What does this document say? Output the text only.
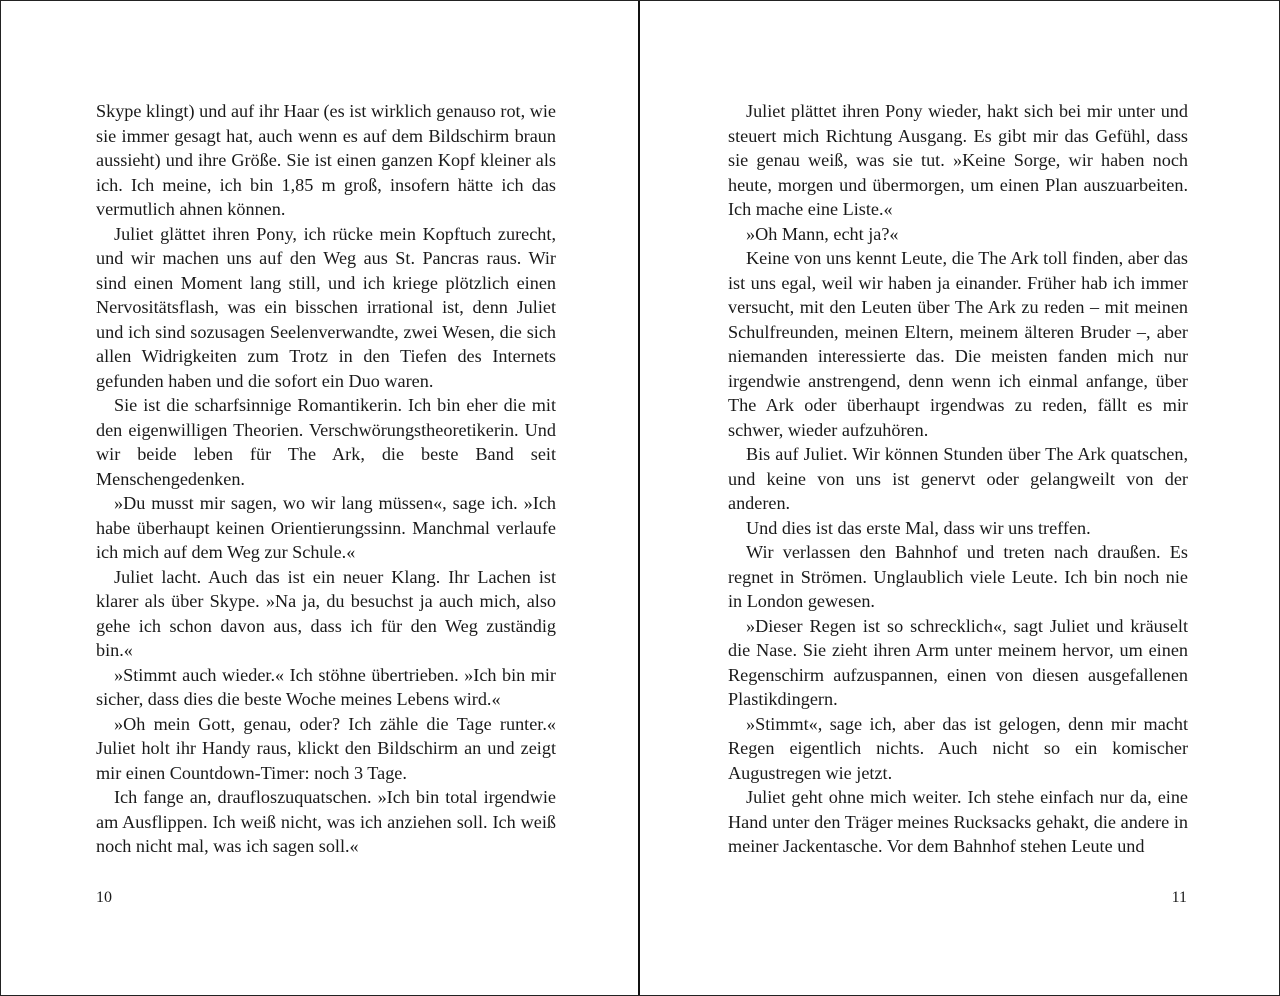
Skype klingt) und auf ihr Haar (es ist wirklich genauso rot, wie sie immer gesagt hat, auch wenn es auf dem Bildschirm braun aussieht) und ihre Größe. Sie ist einen ganzen Kopf kleiner als ich. Ich meine, ich bin 1,85 m groß, insofern hätte ich das vermutlich ahnen können.

Juliet glättet ihren Pony, ich rücke mein Kopftuch zurecht, und wir machen uns auf den Weg aus St. Pancras raus. Wir sind einen Moment lang still, und ich kriege plötzlich einen Nervositätsflash, was ein bisschen irrational ist, denn Juliet und ich sind sozusagen Seelenverwandte, zwei Wesen, die sich allen Widrigkeiten zum Trotz in den Tiefen des Internets gefunden haben und die sofort ein Duo waren.

Sie ist die scharfsinnige Romantikerin. Ich bin eher die mit den eigenwilligen Theorien. Verschwörungstheoretikerin. Und wir beide leben für The Ark, die beste Band seit Menschengedenken.

»Du musst mir sagen, wo wir lang müssen«, sage ich. »Ich habe überhaupt keinen Orientierungssinn. Manchmal verlaufe ich mich auf dem Weg zur Schule.«

Juliet lacht. Auch das ist ein neuer Klang. Ihr Lachen ist klarer als über Skype. »Na ja, du besuchst ja auch mich, also gehe ich schon davon aus, dass ich für den Weg zuständig bin.«

»Stimmt auch wieder.« Ich stöhne übertrieben. »Ich bin mir sicher, dass dies die beste Woche meines Lebens wird.«

»Oh mein Gott, genau, oder? Ich zähle die Tage runter.« Juliet holt ihr Handy raus, klickt den Bildschirm an und zeigt mir einen Countdown-Timer: noch 3 Tage.

Ich fange an, draufloszuquatschen. »Ich bin total irgendwie am Ausflippen. Ich weiß nicht, was ich anziehen soll. Ich weiß noch nicht mal, was ich sagen soll.«

10

Juliet plättet ihren Pony wieder, hakt sich bei mir unter und steuert mich Richtung Ausgang. Es gibt mir das Gefühl, dass sie genau weiß, was sie tut. »Keine Sorge, wir haben noch heute, morgen und übermorgen, um einen Plan auszuarbeiten. Ich mache eine Liste.«

»Oh Mann, echt ja?«

Keine von uns kennt Leute, die The Ark toll finden, aber das ist uns egal, weil wir haben ja einander. Früher hab ich immer versucht, mit den Leuten über The Ark zu reden – mit meinen Schulfreunden, meinen Eltern, meinem älteren Bruder –, aber niemanden interessierte das. Die meisten fanden mich nur irgendwie anstrengend, denn wenn ich einmal anfange, über The Ark oder überhaupt irgendwas zu reden, fällt es mir schwer, wieder aufzuhören.

Bis auf Juliet. Wir können Stunden über The Ark quatschen, und keine von uns ist genervt oder gelangweilt von der anderen.

Und dies ist das erste Mal, dass wir uns treffen.

Wir verlassen den Bahnhof und treten nach draußen. Es regnet in Strömen. Unglaublich viele Leute. Ich bin noch nie in London gewesen.

»Dieser Regen ist so schrecklich«, sagt Juliet und kräuselt die Nase. Sie zieht ihren Arm unter meinem hervor, um einen Regenschirm aufzuspannen, einen von diesen ausgefallenen Plastikdingern.

»Stimmt«, sage ich, aber das ist gelogen, denn mir macht Regen eigentlich nichts. Auch nicht so ein komischer Augustregen wie jetzt.

Juliet geht ohne mich weiter. Ich stehe einfach nur da, eine Hand unter den Träger meines Rucksacks gehakt, die andere in meiner Jackentasche. Vor dem Bahnhof stehen Leute und

11
